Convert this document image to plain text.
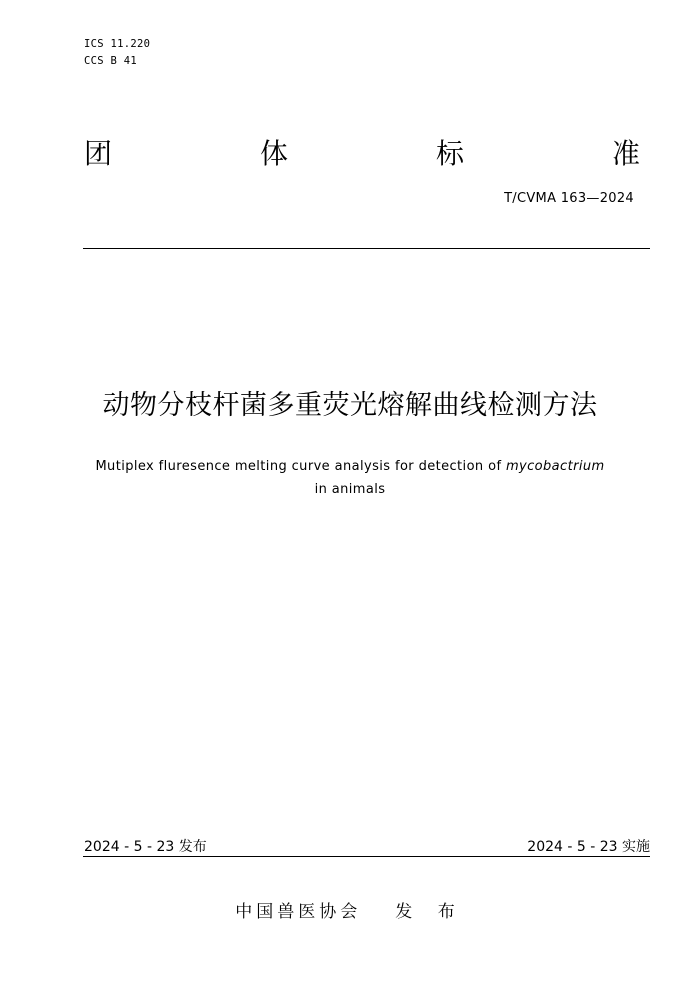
ICS 11.220
CCS B 41
团	体	标	准
T/CVMA 163—2024
动物分枝杆菌多重荧光熔解曲线检测方法
Mutiplex fluresence melting curve analysis for detection of mycobactrium
in animals
2024 - 5 - 23 发布	2024 - 5 - 23 实施
中国兽医协会 发 布
